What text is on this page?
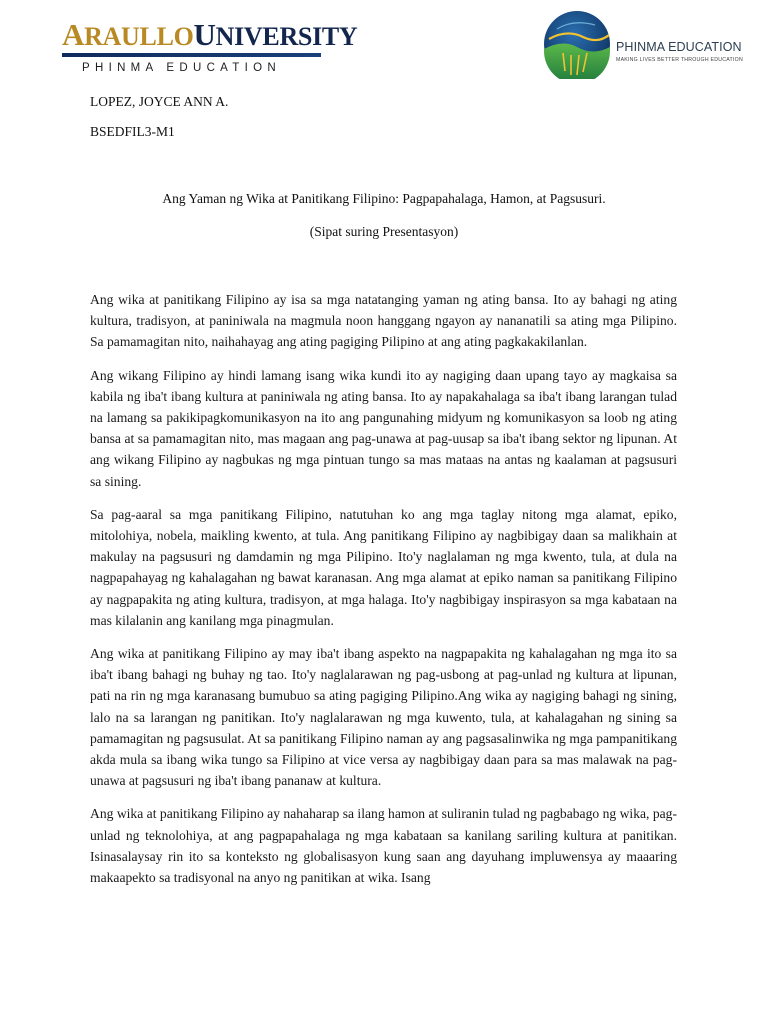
ARAULLOUNIVERSITY
PHINMA EDUCATION
PHINMA EDUCATION
MAKING LIVES BETTER THROUGH EDUCATION
LOPEZ, JOYCE ANN A.
BSEDFIL3-M1
Ang Yaman ng Wika at Panitikang Filipino: Pagpapahalaga, Hamon, at Pagsusuri.
(Sipat suring Presentasyon)

Ang wika at panitikang Filipino ay isa sa mga natatanging yaman ng ating bansa. Ito ay bahagi ng ating kultura, tradisyon, at paniniwala na magmula noon hanggang ngayon ay nananatili sa ating mga Pilipino. Sa pamamagitan nito, naihahayag ang ating pagiging Pilipino at ang ating pagkakakilanlan.

Ang wikang Filipino ay hindi lamang isang wika kundi ito ay nagiging daan upang tayo ay magkaisa sa kabila ng iba't ibang kultura at paniniwala ng ating bansa. Ito ay napakahalaga sa iba't ibang larangan tulad na lamang sa pakikipagkomunikasyon na ito ang pangunahing midyum ng komunikasyon sa loob ng ating bansa at sa pamamagitan nito, mas magaan ang pag-unawa at pag-uusap sa iba't ibang sektor ng lipunan. At ang wikang Filipino ay nagbukas ng mga pintuan tungo sa mas mataas na antas ng kaalaman at pagsusuri sa sining.

Sa pag-aaral sa mga panitikang Filipino, natutuhan ko ang mga taglay nitong mga alamat, epiko, mitolohiya, nobela, maikling kwento, at tula. Ang panitikang Filipino ay nagbibigay daan sa malikhain at makulay na pagsusuri ng damdamin ng mga Pilipino. Ito'y naglalaman ng mga kwento, tula, at dula na nagpapahayag ng kahalagahan ng bawat karanasan. Ang mga alamat at epiko naman sa panitikang Filipino ay nagpapakita ng ating kultura, tradisyon, at mga halaga. Ito'y nagbibigay inspirasyon sa mga kabataan na mas kilalanin ang kanilang mga pinagmulan.

Ang wika at panitikang Filipino ay may iba't ibang aspekto na nagpapakita ng kahalagahan ng mga ito sa iba't ibang bahagi ng buhay ng tao. Ito'y naglalarawan ng pag-usbong at pag-unlad ng kultura at lipunan, pati na rin ng mga karanasang bumubuo sa ating pagiging Pilipino.Ang wika ay nagiging bahagi ng sining, lalo na sa larangan ng panitikan. Ito'y naglalarawan ng mga kuwento, tula, at kahalagahan ng sining sa pamamagitan ng pagsusulat. At sa panitikang Filipino naman ay ang pagsasalinwika ng mga pampanitikang akda mula sa ibang wika tungo sa Filipino at vice versa ay nagbibigay daan para sa mas malawak na pag-unawa at pagsusuri ng iba't ibang pananaw at kultura.

Ang wika at panitikang Filipino ay nahaharap sa ilang hamon at suliranin tulad ng pagbabago ng wika, pag-unlad ng teknolohiya, at ang pagpapahalaga ng mga kabataan sa kanilang sariling kultura at panitikan. Isinasalaysay rin ito sa konteksto ng globalisasyon kung saan ang dayuhang impluwensya ay maaaring makaapekto sa tradisyonal na anyo ng panitikan at wika. Isang
